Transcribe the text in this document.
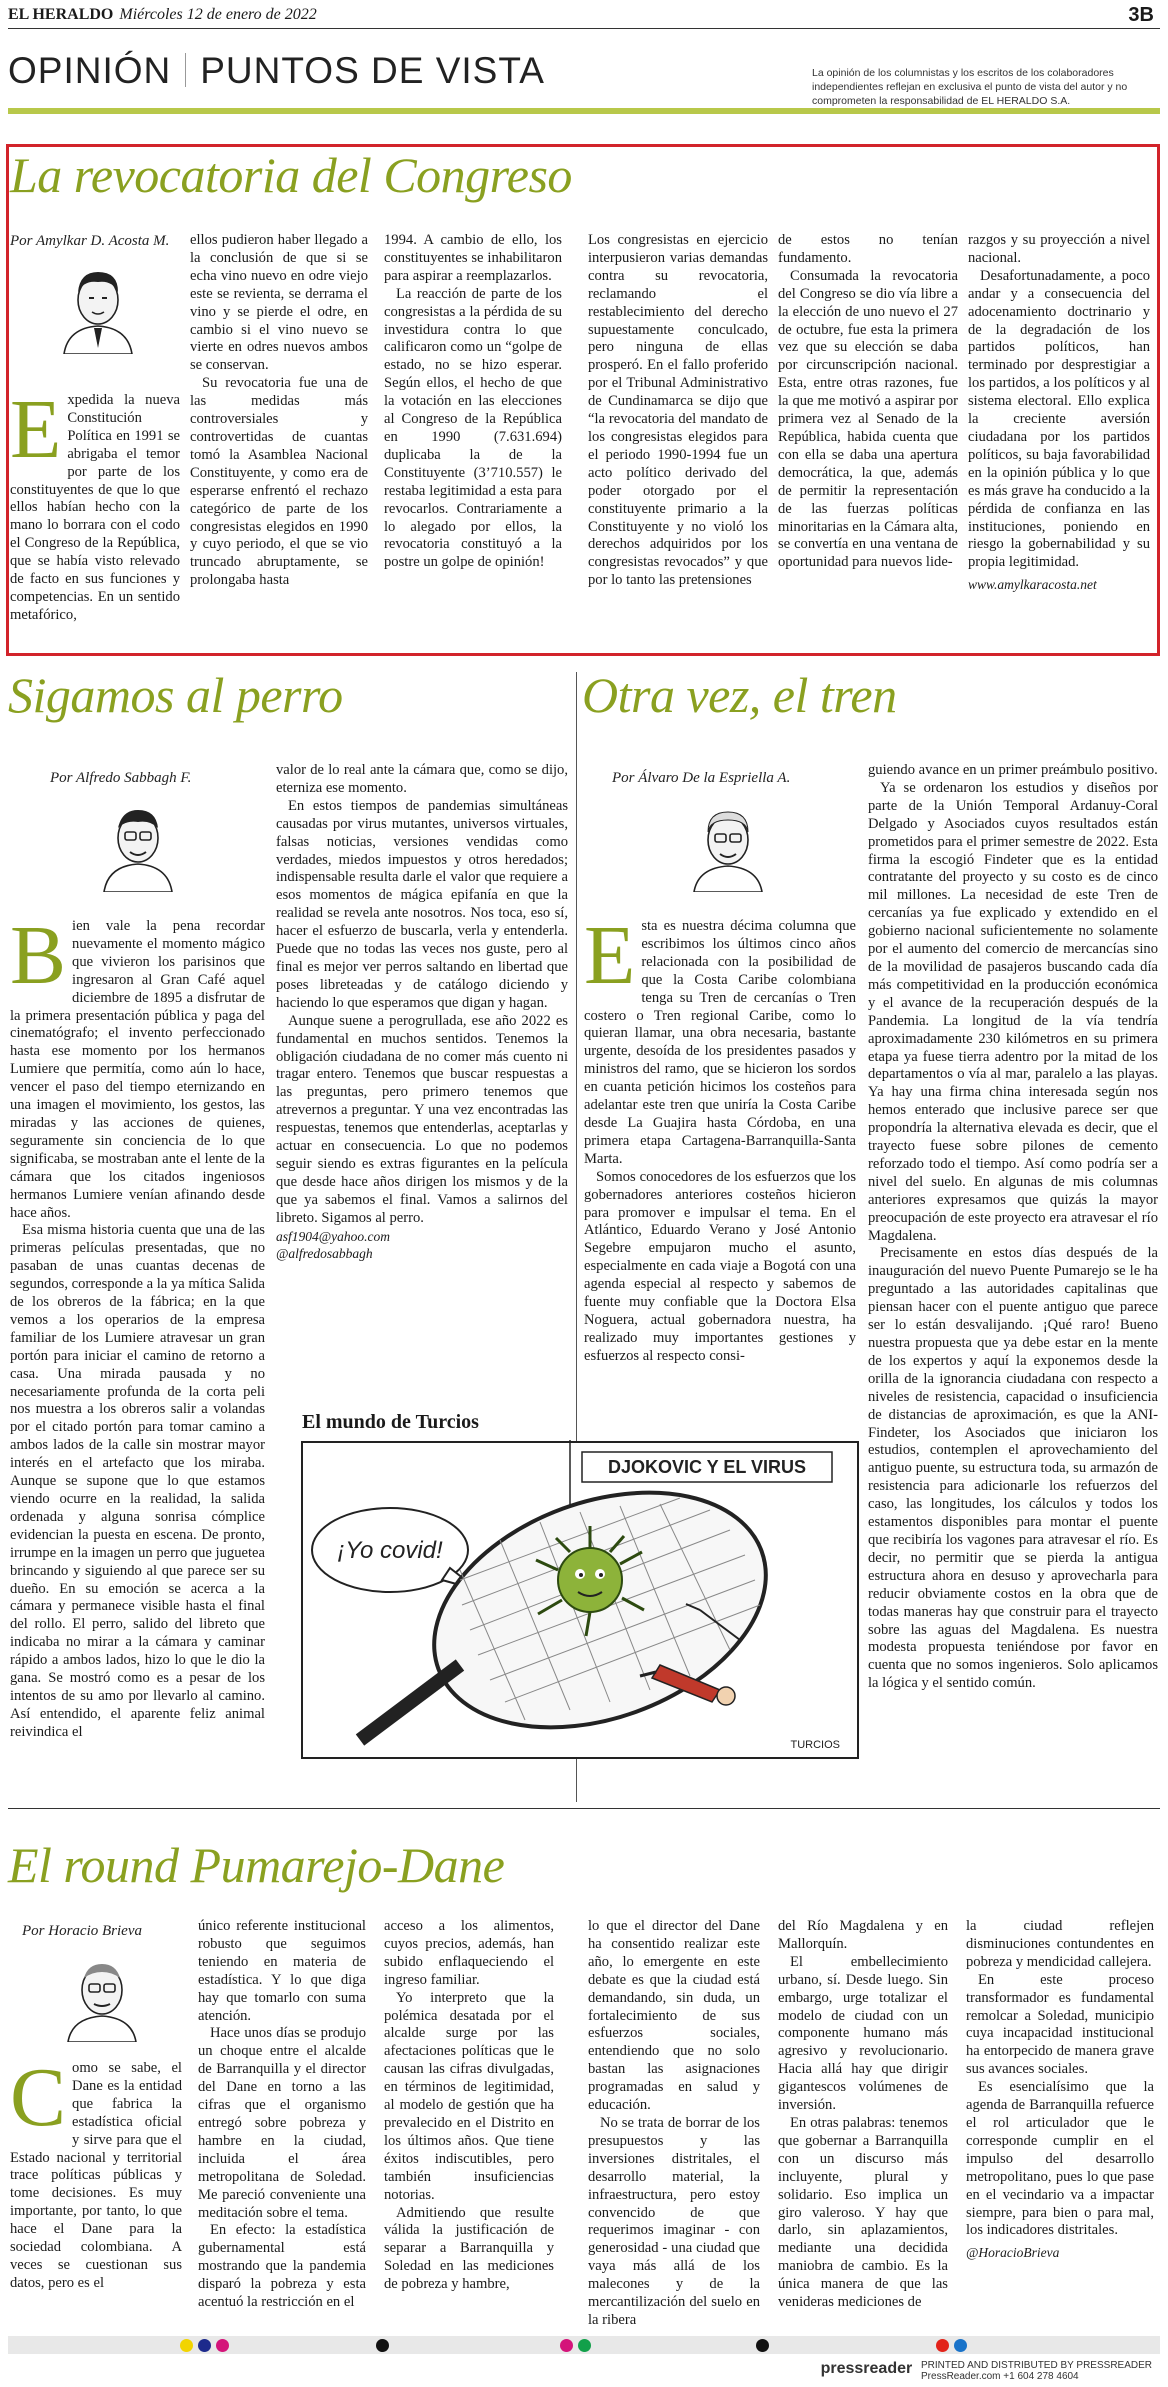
EL HERALDO Miércoles 12 de enero de 2022	3B
OPINIÓN PUNTOS DE VISTA	La opinión de los columnistas y los escritos de los colaboradores independientes reflejan en exclusiva el punto de vista del autor y no comprometen la responsabilidad de EL HERALDO S.A.
La revocatoria del Congreso
Por Amylkar D. Acosta M.
Expedida la nueva Constitución Política en 1991 se abrigaba el temor por parte de los constituyentes de que lo que ellos habían hecho con la mano lo borrara con el codo el Congreso de la República, que se había visto relevado de facto en sus funciones y competencias. En un sentido metafórico,

ellos pudieron haber llegado a la conclusión de que si se echa vino nuevo en odre viejo este se revienta, se derrama el vino y se pierde el odre, en cambio si el vino nuevo se vierte en odres nuevos ambos se conservan.

Su revocatoria fue una de las medidas más controversiales y controvertidas de cuantas tomó la Asamblea Nacional Constituyente, y como era de esperarse enfrentó el rechazo categórico de parte de los congresistas elegidos en 1990 y cuyo periodo, el que se vio truncado abruptamente, se prolongaba hasta

1994. A cambio de ello, los constituyentes se inhabilitaron para aspirar a reemplazarlos.

La reacción de parte de los congresistas a la pérdida de su investidura contra lo que calificaron como un “golpe de estado, no se hizo esperar. Según ellos, el hecho de que la votación en las elecciones al Congreso de la República en 1990 (7.631.694) duplicaba la de la Constituyente (3’710.557) le restaba legitimidad a esta para revocarlos. Contrariamente a lo alegado por ellos, la revocatoria constituyó a la postre un golpe de opinión!

Los congresistas en ejercicio interpusieron varias demandas contra su revocatoria, reclamando el restablecimiento del derecho supuestamente conculcado, pero ninguna de ellas prosperó. En el fallo proferido por el Tribunal Administrativo de Cundinamarca se dijo que “la revocatoria del mandato de los congresistas elegidos para el periodo 1990-1994 fue un acto político derivado del poder otorgado por el constituyente primario a la Constituyente y no violó los derechos adquiridos por los congresistas revocados” y que por lo tanto las pretensiones

de estos no tenían fundamento.

Consumada la revocatoria del Congreso se dio vía libre a la elección de uno nuevo el 27 de octubre, fue esta la primera vez que su elección se daba por circunscripción nacional. Esta, entre otras razones, fue la que me motivó a aspirar por primera vez al Senado de la República, habida cuenta que con ella se daba una apertura democrática, la que, además de permitir la representación de las fuerzas políticas minoritarias en la Cámara alta, se convertía en una ventana de oportunidad para nuevos lide-

razgos y su proyección a nivel nacional.

Desafortunadamente, a poco andar y a consecuencia del adocenamiento doctrinario y de la degradación de los partidos políticos, han terminado por desprestigiar a los partidos, a los políticos y al sistema electoral. Ello explica la creciente aversión ciudadana por los partidos políticos, su baja favorabilidad en la opinión pública y lo que es más grave ha conducido a la pérdida de confianza en las instituciones, poniendo en riesgo la gobernabilidad y su propia legitimidad.

www.amylkaracosta.net
Sigamos al perro
Por Alfredo Sabbagh F.

Bien vale la pena recordar nuevamente el momento mágico que vivieron los parisinos que ingresaron al Gran Café aquel diciembre de 1895 a disfrutar de la primera presentación pública y paga del cinematógrafo; el invento perfeccionado hasta ese momento por los hermanos Lumiere que permitía, como aún lo hace, vencer el paso del tiempo eternizando en una imagen el movimiento, los gestos, las miradas y las acciones de quienes, seguramente sin conciencia de lo que significaba, se mostraban ante el lente de la cámara que los citados ingeniosos hermanos Lumiere venían afinando desde hace años.

Esa misma historia cuenta que una de las primeras películas presentadas, que no pasaban de unas cuantas decenas de segundos, corresponde a la ya mítica Salida de los obreros de la fábrica; en la que vemos a los operarios de la empresa familiar de los Lumiere atravesar un gran portón para iniciar el camino de retorno a casa. Una mirada pausada y no necesariamente profunda de la corta peli nos muestra a los obreros salir a volandas por el citado portón para tomar camino a ambos lados de la calle sin mostrar mayor interés en el artefacto que los miraba. Aunque se supone que lo que estamos viendo ocurre en la realidad, la salida ordenada y alguna sonrisa cómplice evidencian la puesta en escena. De pronto, irrumpe en la imagen un perro que juguetea brincando y siguiendo al que parece ser su dueño. En su emoción se acerca a la cámara y permanece visible hasta el final del rollo. El perro, salido del libreto que indicaba no mirar a la cámara y caminar rápido a ambos lados, hizo lo que le dio la gana. Se mostró como es a pesar de los intentos de su amo por llevarlo al camino. Así entendido, el aparente feliz animal reivindica el

valor de lo real ante la cámara que, como se dijo, eterniza ese momento.

En estos tiempos de pandemias simultáneas causadas por virus mutantes, universos virtuales, falsas noticias, versiones vendidas como verdades, miedos impuestos y otros heredados; indispensable resulta darle el valor que requiere a esos momentos de mágica epifanía en que la realidad se revela ante nosotros. Nos toca, eso sí, hacer el esfuerzo de buscarla, verla y entenderla. Puede que no todas las veces nos guste, pero al final es mejor ver perros saltando en libertad que poses libreteadas y de catálogo diciendo y haciendo lo que esperamos que digan y hagan.

Aunque suene a perogrullada, ese año 2022 es fundamental en muchos sentidos. Tenemos la obligación ciudadana de no comer más cuento ni tragar entero. Tenemos que buscar respuestas a las preguntas, pero primero tenemos que atrevernos a preguntar. Y una vez encontradas las respuestas, tenemos que entenderlas, aceptarlas y actuar en consecuencia. Lo que no podemos seguir siendo es extras figurantes en la película que desde hace años dirigen los mismos y de la que ya sabemos el final. Vamos a salirnos del libreto. Sigamos al perro.

asf1904@yahoo.com
@alfredosabbagh
El mundo de Turcios
DJOKOVIC Y EL VIRUS
¡Yo covid!
TURCIOS
Otra vez, el tren
Por Álvaro De la Espriella A.

Esta es nuestra décima columna que escribimos los últimos cinco años relacionada con la posibilidad de que la Costa Caribe colombiana tenga su Tren de cercanías o Tren costero o Tren regional Caribe, como lo quieran llamar, una obra necesaria, bastante urgente, desoída de los presidentes pasados y ministros del ramo, que se hicieron los sordos en cuanta petición hicimos los costeños para adelantar este tren que uniría la Costa Caribe desde La Guajira hasta Córdoba, en una primera etapa Cartagena-Barranquilla-Santa Marta.

Somos conocedores de los esfuerzos que los gobernadores anteriores costeños hicieron para promover e impulsar el tema. En el Atlántico, Eduardo Verano y José Antonio Segebre empujaron mucho el asunto, especialmente en cada viaje a Bogotá con una agenda especial al respecto y sabemos de fuente muy confiable que la Doctora Elsa Noguera, actual gobernadora nuestra, ha realizado muy importantes gestiones y esfuerzos al respecto consi-

guiendo avance en un primer preámbulo positivo.

Ya se ordenaron los estudios y diseños por parte de la Unión Temporal Ardanuy-Coral Delgado y Asociados cuyos resultados están prometidos para el primer semestre de 2022. Esta firma la escogió Findeter que es la entidad contratante del proyecto y su costo es de cinco mil millones. La necesidad de este Tren de cercanías ya fue explicado y extendido en el gobierno nacional suficientemente no solamente por el aumento del comercio de mercancías sino de la movilidad de pasajeros buscando cada día más competitividad en la producción económica y el avance de la recuperación después de la Pandemia. La longitud de la vía tendría aproximadamente 230 kilómetros en su primera etapa ya fuese tierra adentro por la mitad de los departamentos o vía al mar, paralelo a las playas. Ya hay una firma china interesada según nos hemos enterado que inclusive parece ser que propondría la alternativa elevada es decir, que el trayecto fuese sobre pilones de cemento reforzado todo el tiempo. Así como podría ser a nivel del suelo. En algunas de mis columnas anteriores expresamos que quizás la mayor preocupación de este proyecto era atravesar el río Magdalena.

Precisamente en estos días después de la inauguración del nuevo Puente Pumarejo se le ha preguntado a las autoridades capitalinas que piensan hacer con el puente antiguo que parece ser lo están desvalijando. ¡Qué raro! Bueno nuestra propuesta que ya debe estar en la mente de los expertos y aquí la exponemos desde la orilla de la ignorancia ciudadana con respecto a niveles de resistencia, capacidad o insuficiencia de distancias de aproximación, es que la ANI-Findeter, los Asociados que iniciaron los estudios, contemplen el aprovechamiento del antiguo puente, su estructura toda, su armazón de resistencia para adicionarle los refuerzos del caso, las longitudes, los cálculos y todos los estamentos disponibles para montar el puente que recibiría los vagones para atravesar el río. Es decir, no permitir que se pierda la antigua estructura ahora en desuso y aprovecharla para reducir obviamente costos en la obra que de todas maneras hay que construir para el trayecto sobre las aguas del Magdalena. Es nuestra modesta propuesta teniéndose por favor en cuenta que no somos ingenieros. Solo aplicamos la lógica y el sentido común.

El round Pumarejo-Dane
Por Horacio Brieva
Como se sabe, el Dane es la entidad que fabrica la estadística oficial y sirve para que el Estado nacional y territorial trace políticas públicas y tome decisiones. Es muy importante, por tanto, lo que hace el Dane para la sociedad colombiana. A veces se cuestionan sus datos, pero es el

único referente institucional robusto que seguimos teniendo en materia de estadística. Y lo que diga hay que tomarlo con suma atención.

Hace unos días se produjo un choque entre el alcalde de Barranquilla y el director del Dane en torno a las cifras que el organismo entregó sobre pobreza y hambre en la ciudad, incluida el área metropolitana de Soledad. Me pareció conveniente una meditación sobre el tema.

En efecto: la estadística gubernamental está mostrando que la pandemia disparó la pobreza y esta acentuó la restricción en el

acceso a los alimentos, cuyos precios, además, han subido enflaqueciendo el ingreso familiar.

Yo interpreto que la polémica desatada por el alcalde surge por las afectaciones políticas que le causan las cifras divulgadas, en términos de legitimidad, al modelo de gestión que ha prevalecido en el Distrito en los últimos años. Que tiene éxitos indiscutibles, pero también insuficiencias notorias.

Admitiendo que resulte válida la justificación de separar a Barranquilla y Soledad en las mediciones de pobreza y hambre,

lo que el director del Dane ha consentido realizar este año, lo emergente en este debate es que la ciudad está demandando, sin duda, un fortalecimiento de sus esfuerzos sociales, entendiendo que no solo bastan las asignaciones programadas en salud y educación.

No se trata de borrar de los presupuestos y las inversiones distritales, el desarrollo material, la infraestructura, pero estoy convencido de que requerimos imaginar - con generosidad - una ciudad que vaya más allá de los malecones y de la mercantilización del suelo en la ribera

del Río Magdalena y en Mallorquín.

El embellecimiento urbano, sí. Desde luego. Sin embargo, urge totalizar el modelo de ciudad con un componente humano más agresivo y revolucionario. Hacia allá hay que dirigir gigantescos volúmenes de inversión.

En otras palabras: tenemos que gobernar a Barranquilla con un discurso más incluyente, plural y solidario. Eso implica un giro valeroso. Y hay que darlo, sin aplazamientos, mediante una decidida maniobra de cambio. Es la única manera de que las venideras mediciones de

la ciudad reflejen disminuciones contundentes en pobreza y mendicidad callejera.

En este proceso transformador es fundamental remolcar a Soledad, municipio cuya incapacidad institucional ha entorpecido de manera grave sus avances sociales.

Es esencialísimo que la agenda de Barranquilla refuerce el rol articulador que le corresponde cumplir en el impulso del desarrollo metropolitano, pues lo que pase en el vecindario va a impactar siempre, para bien o para mal, los indicadores distritales.

@HoracioBrieva
pressreader PRINTED AND DISTRIBUTED BY PRESSREADER
PressReader.com +1 604 278 4604
